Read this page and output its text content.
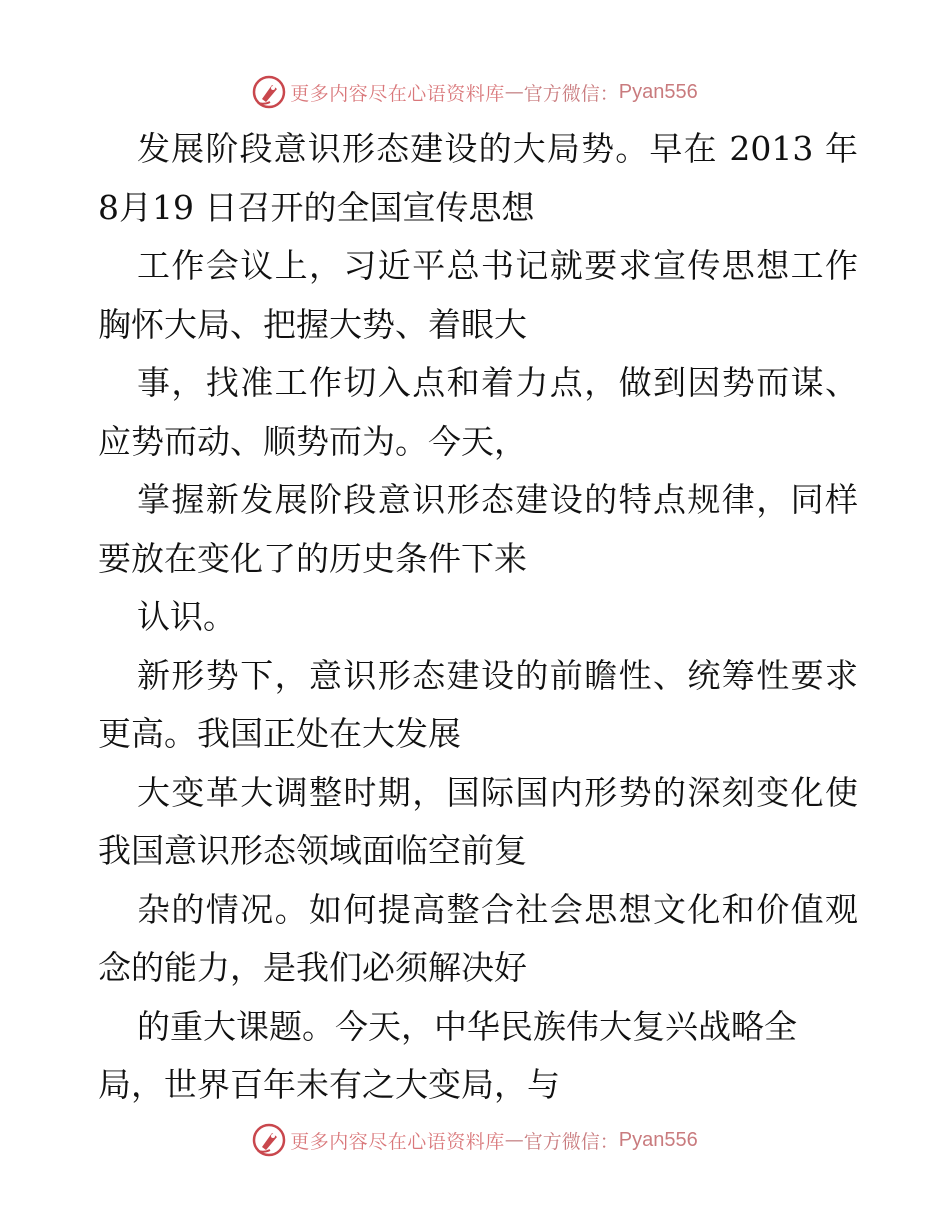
更多内容尽在心语资料库 — 官方微信： Pyan556
发展阶段意识形态建设的大局势。早在 2013 年
8月19 日召开的全国宣传思想
工作会议上，习近平总书记就要求宣传思想工作
胸怀大局、把握大势、着眼大
事，找准工作切入点和着力点，做到因势而谋、
应势而动、顺势而为。今天，
掌握新发展阶段意识形态建设的特点规律，同样
要放在变化了的历史条件下来
认识。
新形势下，意识形态建设的前瞻性、统筹性要求
更高。我国正处在大发展
大变革大调整时期，国际国内形势的深刻变化使
我国意识形态领域面临空前复
杂的情况。如何提高整合社会思想文化和价值观
念的能力，是我们必须解决好
的重大课题。今天，中华民族伟大复兴战略全
局，世界百年未有之大变局，与
更多内容尽在心语资料库 — 官方微信： Pyan556
